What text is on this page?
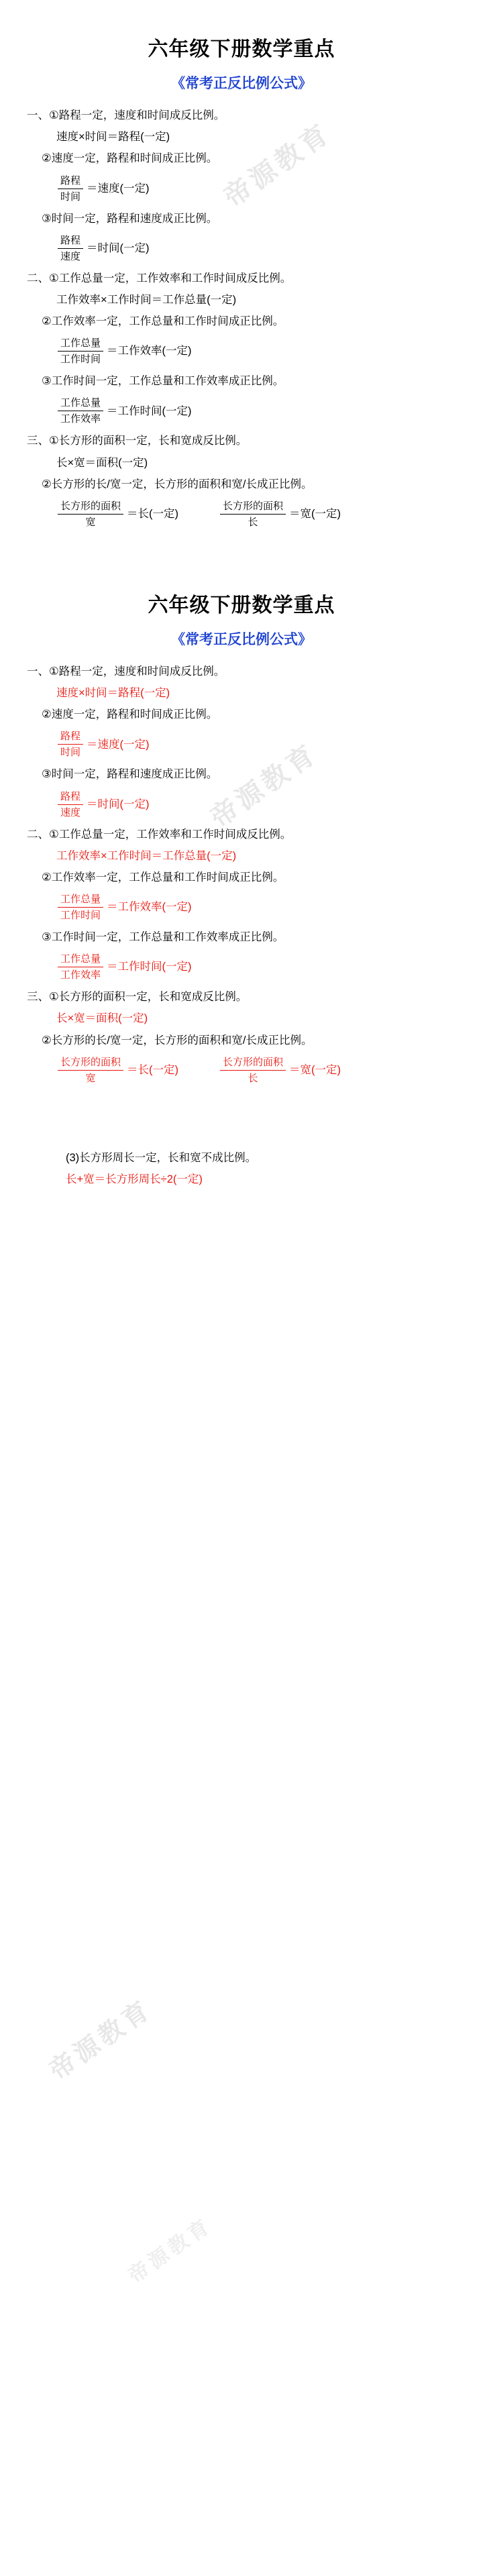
六年级下册数学重点
《常考正反比例公式》
一、①路程一定，速度和时间成反比例。
速度×时间＝路程(一定)
②速度一定，路程和时间成正比例。
$\frac{\text{路程}}{\text{时间}}$ ＝速度(一定)
③时间一定，路程和速度成正比例。
$\frac{\text{路程}}{\text{速度}}$ ＝时间(一定)
二、①工作总量一定，工作效率和工作时间成反比例。
工作效率×工作时间＝工作总量(一定)
②工作效率一定，工作总量和工作时间成正比例。
$\frac{\text{工作总量}}{\text{工作时间}}$ ＝工作效率(一定)
③工作时间一定，工作总量和工作效率成正比例。
$\frac{\text{工作总量}}{\text{工作效率}}$ ＝工作时间(一定)
三、①长方形的面积一定，长和宽成反比例。
长×宽＝面积(一定)
②长方形的长/宽一定，长方形的面积和宽/长成正比例。
$\frac{\text{长方形的面积}}{\text{宽}}$ ＝长(一定)	$\frac{\text{长方形的面积}}{\text{长}}$ ＝宽(一定)
六年级下册数学重点
《常考正反比例公式》
一、①路程一定，速度和时间成反比例。
速度×时间＝路程(一定)
②速度一定，路程和时间成正比例。
$\frac{\text{路程}}{\text{时间}}$ ＝速度(一定)
③时间一定，路程和速度成正比例。
$\frac{\text{路程}}{\text{速度}}$ ＝时间(一定)
二、①工作总量一定，工作效率和工作时间成反比例。
工作效率×工作时间＝工作总量(一定)
②工作效率一定，工作总量和工作时间成正比例。
$\frac{\text{工作总量}}{\text{工作时间}}$ ＝工作效率(一定)
③工作时间一定，工作总量和工作效率成正比例。
$\frac{\text{工作总量}}{\text{工作效率}}$ ＝工作时间(一定)
三、①长方形的面积一定，长和宽成反比例。
长×宽＝面积(一定)
②长方形的长/宽一定，长方形的面积和宽/长成正比例。
$\frac{\text{长方形的面积}}{\text{宽}}$ ＝长(一定)	$\frac{\text{长方形的面积}}{\text{长}}$ ＝宽(一定)
(3)长方形周长一定，长和宽不成比例。
长+宽＝长方形周长÷2(一定)
帝源教育
帝源教育
帝源教育
帝源教育
